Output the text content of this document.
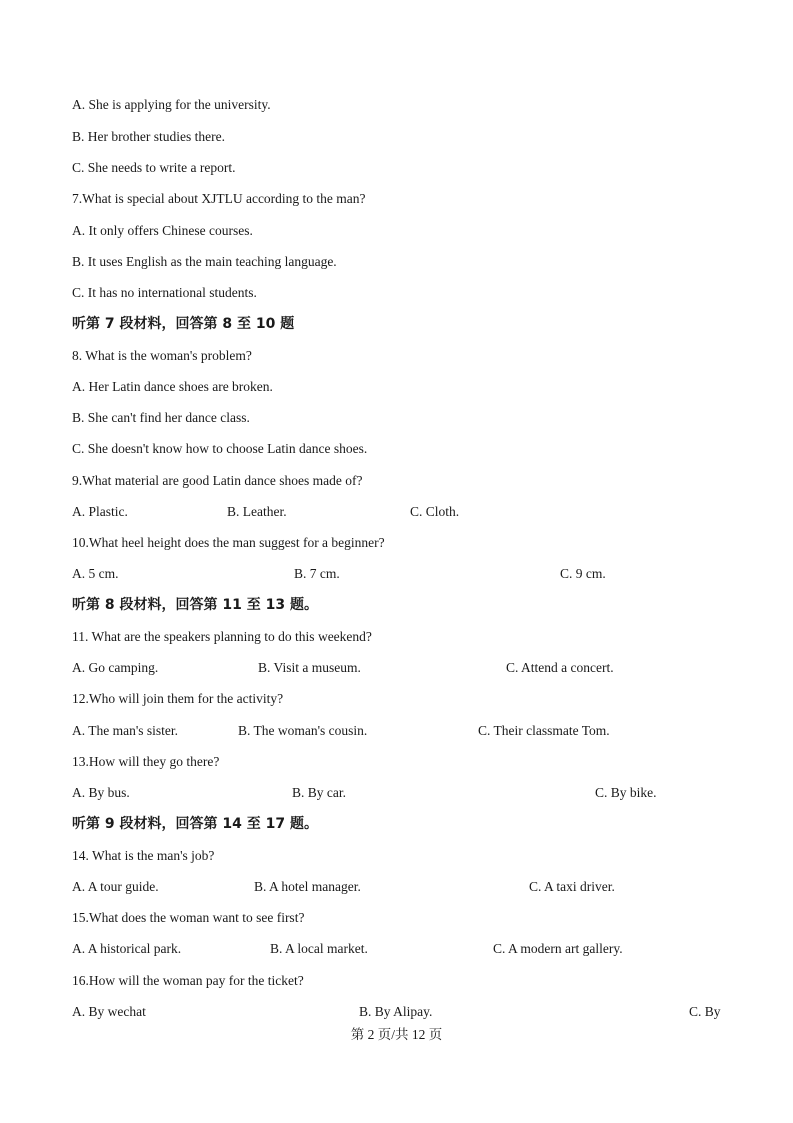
A. She is applying for the university.
B. Her brother studies there.
C. She needs to write a report.
7.What is special about XJTLU according to the man?
A. It only offers Chinese courses.
B. It uses English as the main teaching language.
C. It has no international students.
听第 7 段材料，回答第 8 至 10 题
8. What is the woman's problem?
A. Her Latin dance shoes are broken.
B. She can't find her dance class.
C. She doesn't know how to choose Latin dance shoes.
9.What material are good Latin dance shoes made of?
A. Plastic.	B. Leather.	C. Cloth.
10.What heel height does the man suggest for a beginner?
A. 5 cm.	B. 7 cm.	C. 9 cm.
听第 8 段材料，回答第 11 至 13 题。
11. What are the speakers planning to do this weekend?
A. Go camping.	B. Visit a museum.	C. Attend a concert.
12.Who will join them for the activity?
A. The man's sister.	B. The woman's cousin.	C. Their classmate Tom.
13.How will they go there?
A. By bus.	B. By car.	C. By bike.
听第 9 段材料，回答第 14 至 17 题。
14. What is the man's job?
A. A tour guide.	B. A hotel manager.	C. A taxi driver.
15.What does the woman want to see first?
A. A historical park.	B. A local market.	C. A modern art gallery.
16.How will the woman pay for the ticket?
A. By wechat	B. By Alipay.	C. By
第 2 页/共 12 页
